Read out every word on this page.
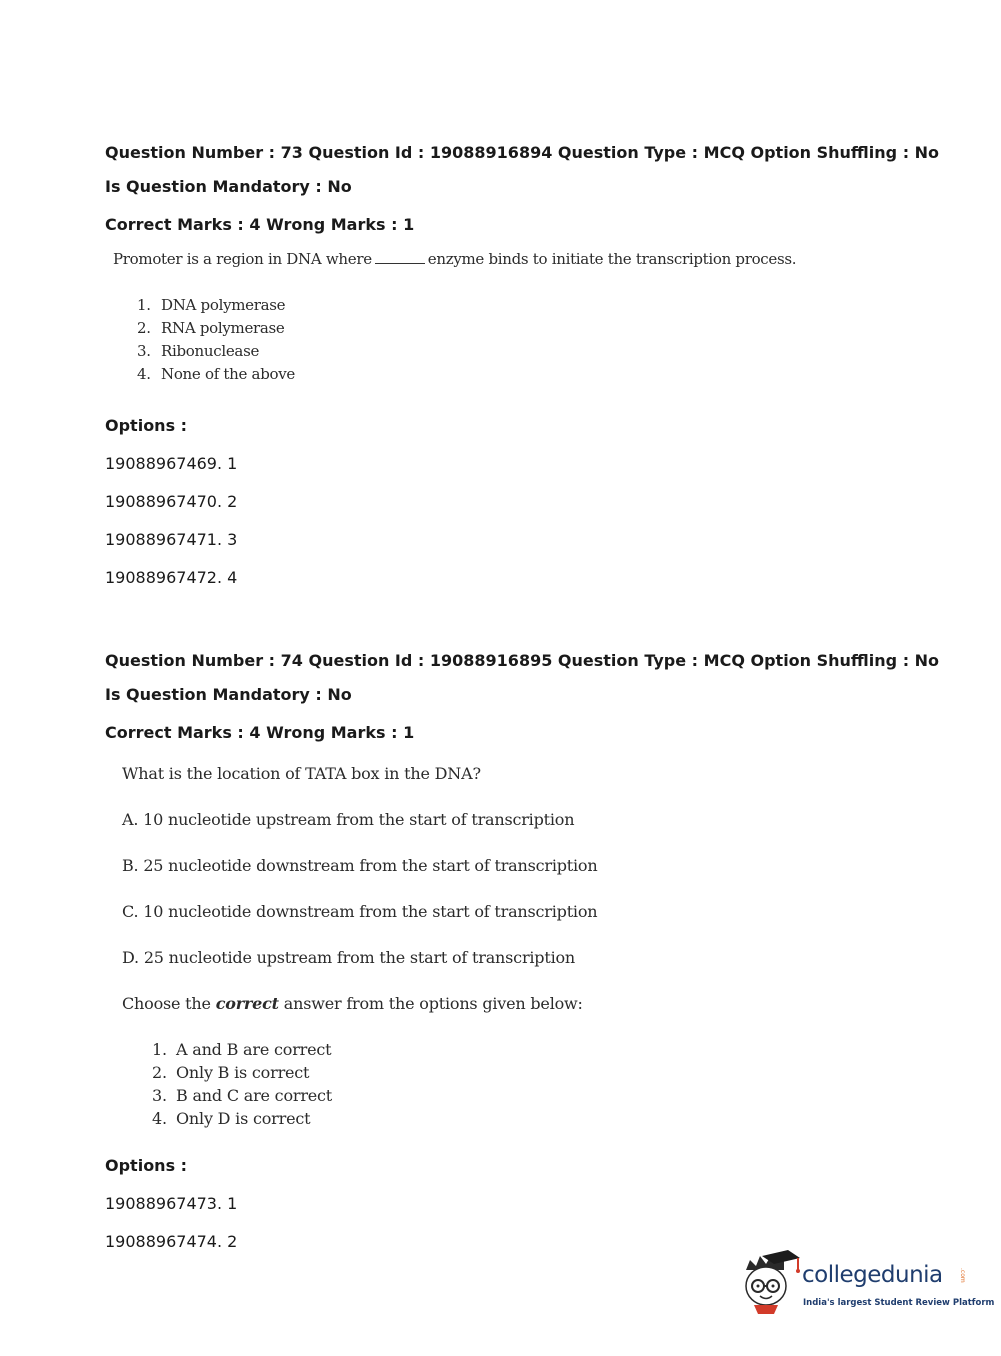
Question Number : 73 Question Id : 19088916894 Question Type : MCQ Option Shuffling : No
Is Question Mandatory : No
Correct Marks : 4 Wrong Marks : 1
Promoter is a region in DNA where	enzyme binds to initiate the transcription process.
1. DNA polymerase
2. RNA polymerase
3. Ribonuclease
4. None of the above
Options :
19088967469. 1
19088967470. 2
19088967471. 3
19088967472. 4
Question Number : 74 Question Id : 19088916895 Question Type : MCQ Option Shuffling : No
Is Question Mandatory : No
Correct Marks : 4 Wrong Marks : 1
What is the location of TATA box in the DNA?
A. 10 nucleotide upstream from the start of transcription
B. 25 nucleotide downstream from the start of transcription
C. 10 nucleotide downstream from the start of transcription
D. 25 nucleotide upstream from the start of transcription
Choose the correct answer from the options given below:
1. A and B are correct
2. Only B is correct
3. B and C are correct
4. Only D is correct
Options :
19088967473. 1
19088967474. 2
collegedunia	.com
India's largest Student Review Platform
